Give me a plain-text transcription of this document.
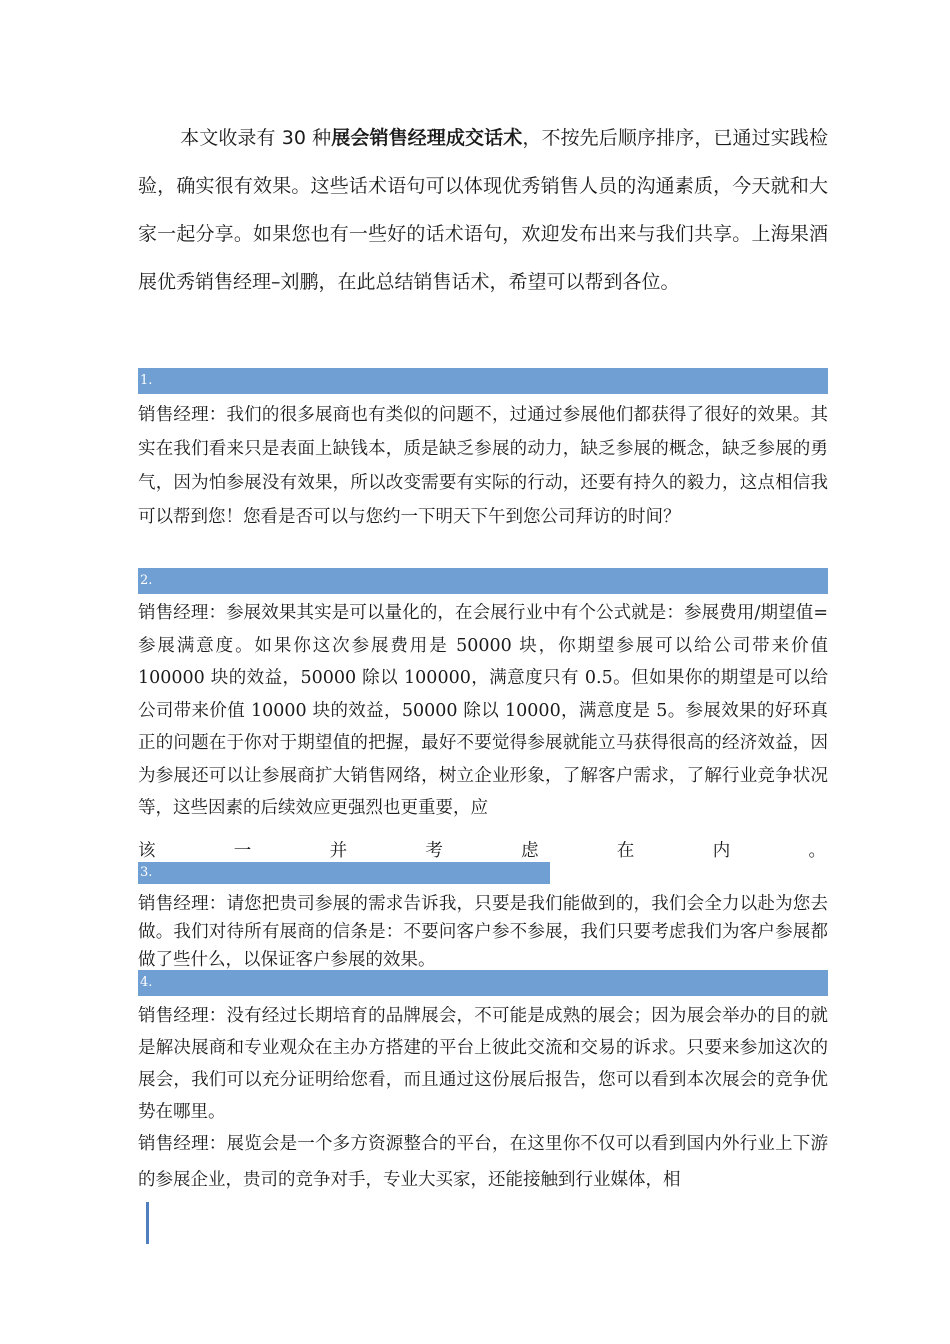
本文收录有 30 种展会销售经理成交话术，不按先后顺序排序，已通过实践检验，确实很有效果。这些话术语句可以体现优秀销售人员的沟通素质，今天就和大家一起分享。如果您也有一些好的话术语句，欢迎发布出来与我们共享。上海果酒展优秀销售经理–刘鹏，在此总结销售话术，希望可以帮到各位。
1.
销售经理：我们的很多展商也有类似的问题不，过通过参展他们都获得了很好的效果。其实在我们看来只是表面上缺钱本，质是缺乏参展的动力，缺乏参展的概念，缺乏参展的勇气，因为怕参展没有效果，所以改变需要有实际的行动，还要有持久的毅力，这点相信我可以帮到您！您看是否可以与您约一下明天下午到您公司拜访的时间？
2.
销售经理：参展效果其实是可以量化的，在会展行业中有个公式就是：参展费用/期望值=参展满意度。如果你这次参展费用是 50000 块，你期望参展可以给公司带来价值 100000 块的效益，50000 除以 100000，满意度只有 0.5。但如果你的期望是可以给公司带来价值 10000 块的效益，50000 除以 10000，满意度是 5。参展效果的好环真正的问题在于你对于期望值的把握，最好不要觉得参展就能立马获得很高的经济效益，因为参展还可以让参展商扩大销售网络，树立企业形象，了解客户需求，了解行业竞争状况等，这些因素的后续效应更强烈也更重要，应
该	一	并	考	虑	在	内	。
3.
销售经理：请您把贵司参展的需求告诉我，只要是我们能做到的，我们会全力以赴为您去做。我们对待所有展商的信条是：不要问客户参不参展，我们只要考虑我们为客户参展都做了些什么，以保证客户参展的效果。
4.
销售经理：没有经过长期培育的品牌展会，不可能是成熟的展会；因为展会举办的目的就是解决展商和专业观众在主办方搭建的平台上彼此交流和交易的诉求。只要来参加这次的展会，我们可以充分证明给您看，而且通过这份展后报告，您可以看到本次展会的竞争优势在哪里。
销售经理：展览会是一个多方资源整合的平台，在这里你不仅可以看到国内外行业上下游的参展企业，贵司的竞争对手，专业大买家，还能接触到行业媒体，相
